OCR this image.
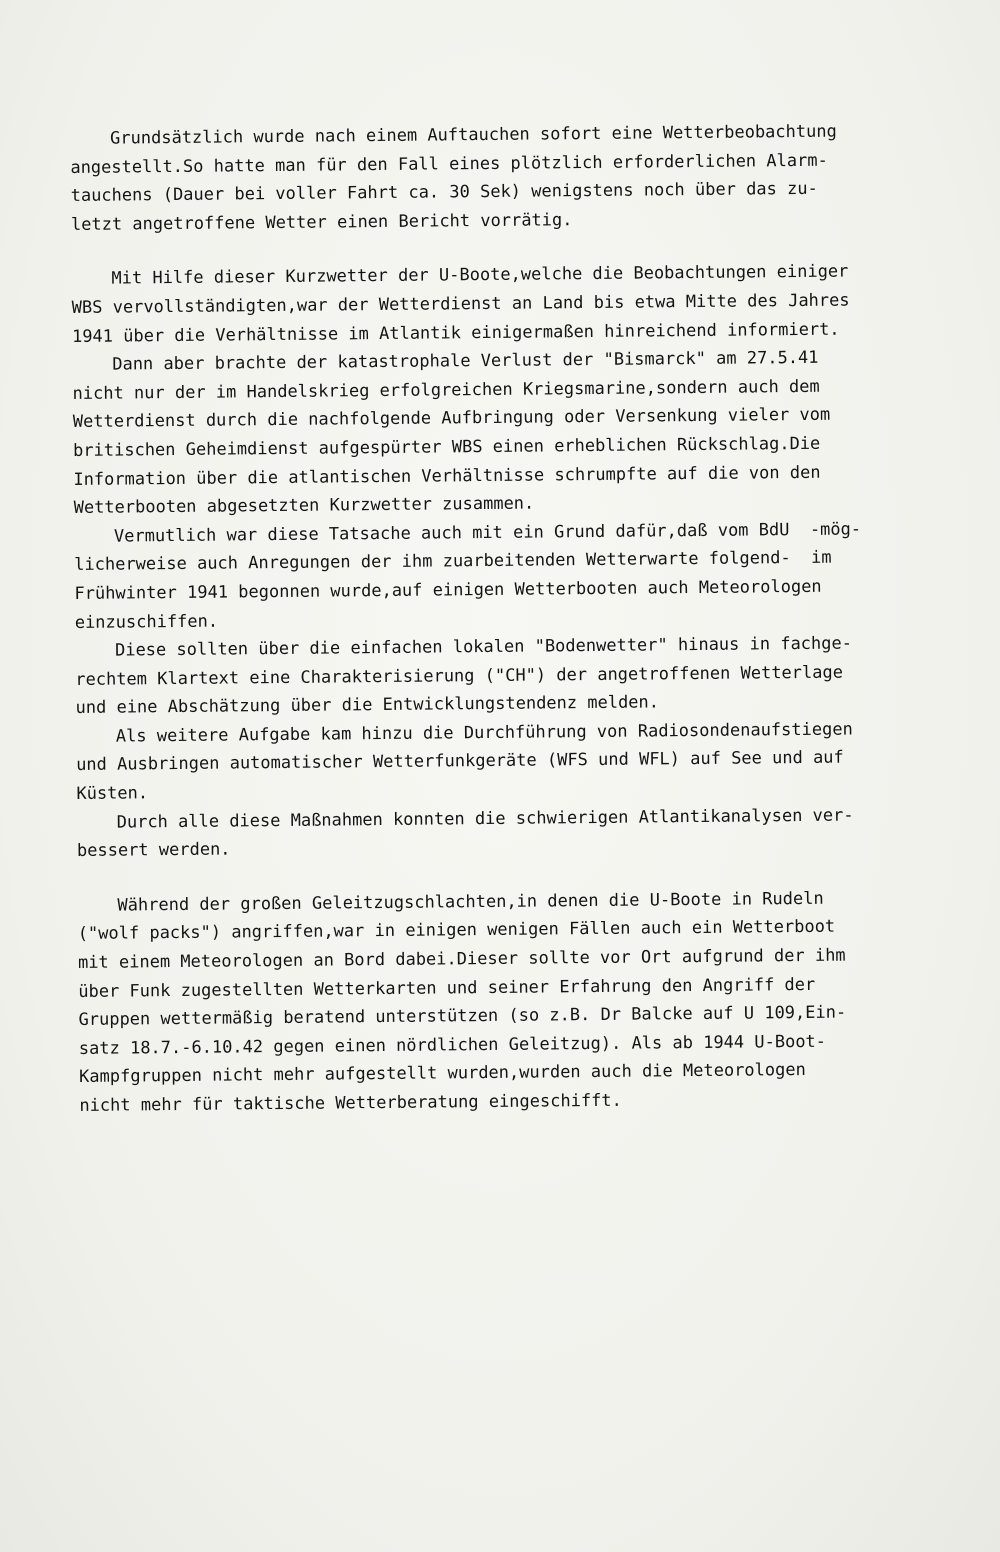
Grundsätzlich wurde nach einem Auftauchen sofort eine Wetterbeobachtung
angestellt.So hatte man für den Fall eines plötzlich erforderlichen Alarm-
tauchens (Dauer bei voller Fahrt ca. 30 Sek) wenigstens noch über das zu-
letzt angetroffene Wetter einen Bericht vorrätig.
Mit Hilfe dieser Kurzwetter der U-Boote,welche die Beobachtungen einiger
WBS vervollständigten,war der Wetterdienst an Land bis etwa Mitte des Jahres
1941 über die Verhältnisse im Atlantik einigermaßen hinreichend informiert.
Dann aber brachte der katastrophale Verlust der "Bismarck" am 27.5.41
nicht nur der im Handelskrieg erfolgreichen Kriegsmarine,sondern auch dem
Wetterdienst durch die nachfolgende Aufbringung oder Versenkung vieler vom
britischen Geheimdienst aufgespürter WBS einen erheblichen Rückschlag.Die
Information über die atlantischen Verhältnisse schrumpfte auf die von den
Wetterbooten abgesetzten Kurzwetter zusammen.
Vermutlich war diese Tatsache auch mit ein Grund dafür,daß vom BdU  -mög-
licherweise auch Anregungen der ihm zuarbeitenden Wetterwarte folgend-  im
Frühwinter 1941 begonnen wurde,auf einigen Wetterbooten auch Meteorologen
einzuschiffen.
Diese sollten über die einfachen lokalen "Bodenwetter" hinaus in fachge-
rechtem Klartext eine Charakterisierung ("CH") der angetroffenen Wetterlage
und eine Abschätzung über die Entwicklungstendenz melden.
Als weitere Aufgabe kam hinzu die Durchführung von Radiosondenaufstiegen
und Ausbringen automatischer Wetterfunkgeräte (WFS und WFL) auf See und auf
Küsten.
Durch alle diese Maßnahmen konnten die schwierigen Atlantikanalysen ver-
bessert werden.
Während der großen Geleitzugschlachten,in denen die U-Boote in Rudeln
("wolf packs") angriffen,war in einigen wenigen Fällen auch ein Wetterboot
mit einem Meteorologen an Bord dabei.Dieser sollte vor Ort aufgrund der ihm
über Funk zugestellten Wetterkarten und seiner Erfahrung den Angriff der
Gruppen wettermäßig beratend unterstützen (so z.B. Dr Balcke auf U 109,Ein-
satz 18.7.-6.10.42 gegen einen nördlichen Geleitzug). Als ab 1944 U-Boot-
Kampfgruppen nicht mehr aufgestellt wurden,wurden auch die Meteorologen
nicht mehr für taktische Wetterberatung eingeschifft.
